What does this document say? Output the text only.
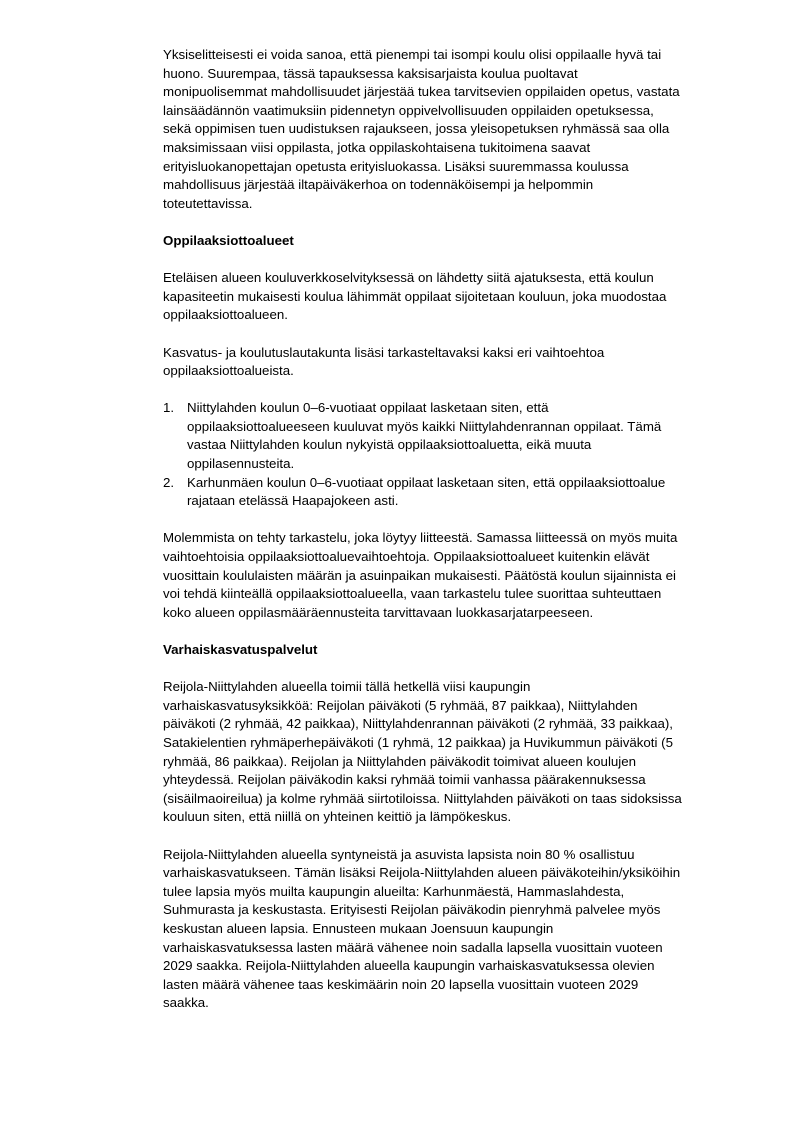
Yksiselitteisesti ei voida sanoa, että pienempi tai isompi koulu olisi oppilaalle hyvä tai
huono. Suurempaa, tässä tapauksessa kaksisarjaista koulua puoltavat
monipuolisemmat mahdollisuudet järjestää tukea tarvitsevien oppilaiden opetus, vastata
lainsäädännön vaatimuksiin pidennetyn oppivelvollisuuden oppilaiden opetuksessa,
sekä oppimisen tuen uudistuksen rajaukseen, jossa yleisopetuksen ryhmässä saa olla
maksimissaan viisi oppilasta, jotka oppilaskohtaisena tukitoimena saavat
erityisluokanopettajan opetusta erityisluokassa. Lisäksi suuremmassa koulussa
mahdollisuus järjestää iltapäiväkerhoa on todennäköisempi ja helpommin
toteutettavissa.
Oppilaaksiottoalueet
Eteläisen alueen kouluverkkoselvityksessä on lähdetty siitä ajatuksesta, että koulun
kapasiteetin mukaisesti koulua lähimmät oppilaat sijoitetaan kouluun, joka muodostaa
oppilaaksiottoalueen.
Kasvatus- ja koulutuslautakunta lisäsi tarkasteltavaksi kaksi eri vaihtoehtoa
oppilaaksiottoalueista.
1. Niittylahden koulun 0–6-vuotiaat oppilaat lasketaan siten, että
oppilaaksiottoalueeseen kuuluvat myös kaikki Niittylahdenrannan oppilaat. Tämä
vastaa Niittylahden koulun nykyistä oppilaaksiottoaluetta, eikä muuta
oppilasennusteita.
2. Karhunmäen koulun 0–6-vuotiaat oppilaat lasketaan siten, että oppilaaksiottoalue
rajataan etelässä Haapajokeen asti.
Molemmista on tehty tarkastelu, joka löytyy liitteestä. Samassa liitteessä on myös muita
vaihtoehtoisia oppilaaksiottoaluevaihtoehtoja. Oppilaaksiottoalueet kuitenkin elävät
vuosittain koululaisten määrän ja asuinpaikan mukaisesti. Päätöstä koulun sijainnista ei
voi tehdä kiinteällä oppilaaksiottoalueella, vaan tarkastelu tulee suorittaa suhteuttaen
koko alueen oppilasmääräennusteita tarvittavaan luokkasarjatarpeeseen.
Varhaiskasvatuspalvelut
Reijola-Niittylahden alueella toimii tällä hetkellä viisi kaupungin
varhaiskasvatusyksikköä: Reijolan päiväkoti (5 ryhmää, 87 paikkaa), Niittylahden
päiväkoti (2 ryhmää, 42 paikkaa), Niittylahdenrannan päiväkoti (2 ryhmää, 33 paikkaa),
Satakielentien ryhmäperhepäiväkoti (1 ryhmä, 12 paikkaa) ja Huvikummun päiväkoti (5
ryhmää, 86 paikkaa). Reijolan ja Niittylahden päiväkodit toimivat alueen koulujen
yhteydessä. Reijolan päiväkodin kaksi ryhmää toimii vanhassa päärakennuksessa
(sisäilmaoireilua) ja kolme ryhmää siirtotiloissa. Niittylahden päiväkoti on taas sidoksissa
kouluun siten, että niillä on yhteinen keittiö ja lämpökeskus.
Reijola-Niittylahden alueella syntyneistä ja asuvista lapsista noin 80 % osallistuu
varhaiskasvatukseen. Tämän lisäksi Reijola-Niittylahden alueen päiväkoteihin/yksiköihin
tulee lapsia myös muilta kaupungin alueilta: Karhunmäestä, Hammaslahdesta,
Suhmurasta ja keskustasta. Erityisesti Reijolan päiväkodin pienryhmä palvelee myös
keskustan alueen lapsia. Ennusteen mukaan Joensuun kaupungin
varhaiskasvatuksessa lasten määrä vähenee noin sadalla lapsella vuosittain vuoteen
2029 saakka. Reijola-Niittylahden alueella kaupungin varhaiskasvatuksessa olevien
lasten määrä vähenee taas keskimäärin noin 20 lapsella vuosittain vuoteen 2029
saakka.
